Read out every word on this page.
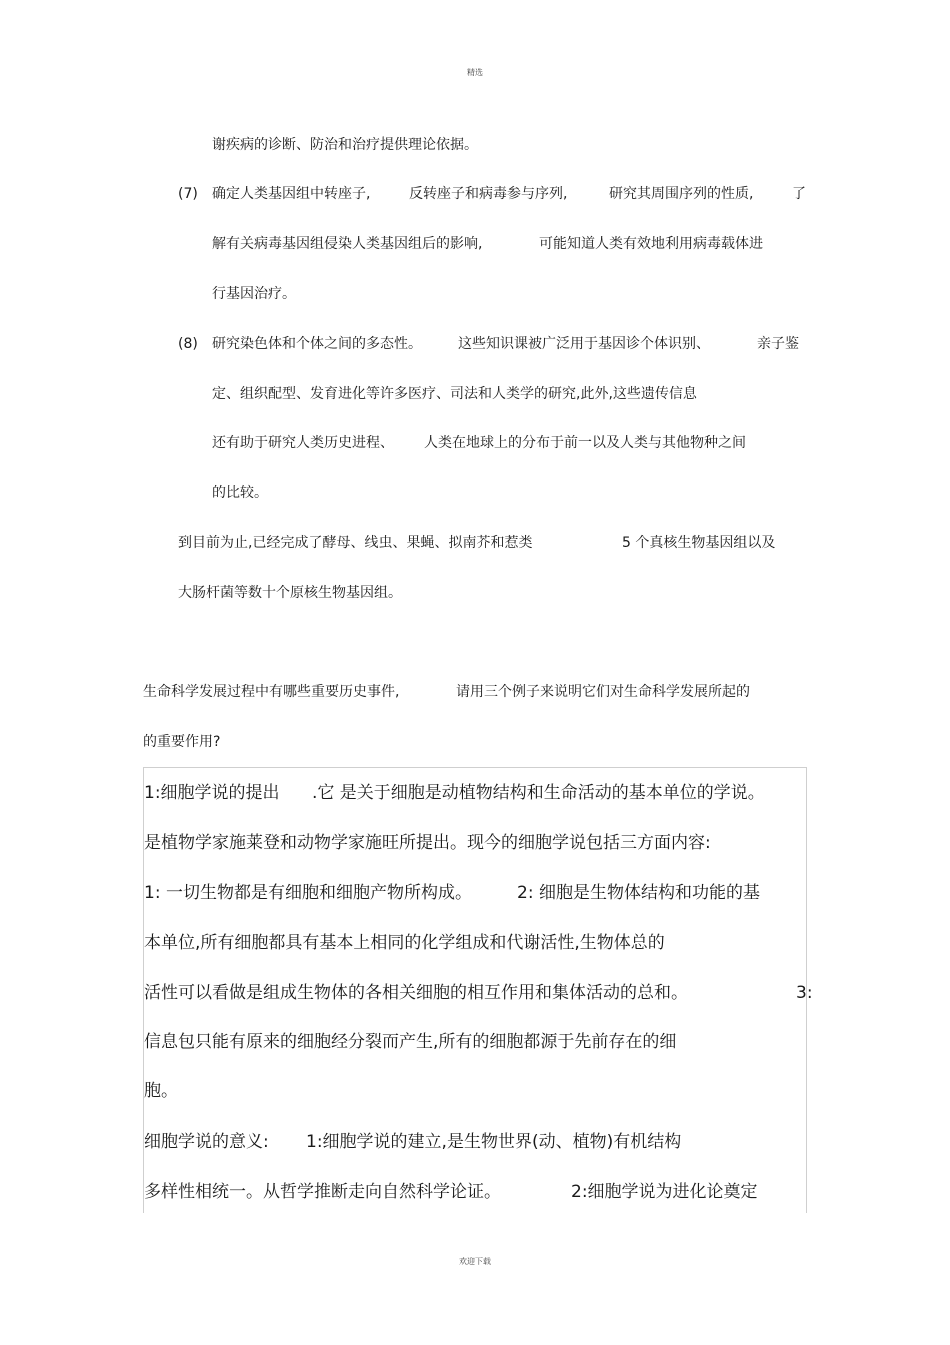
精选
谢疾病的诊断、防治和治疗提供理论依据。
(7) 确定人类基因组中转座子,	反转座子和病毒参与序列,	研究其周围序列的性质,	了
解有关病毒基因组侵染人类基因组后的影响,	可能知道人类有效地利用病毒载体进
行基因治疗。
(8) 研究染色体和个体之间的多态性。	这些知识课被广泛用于基因诊个体识别、	亲子鉴
定、组织配型、发育进化等许多医疗、司法和人类学的研究,此外,这些遗传信息
还有助于研究人类历史进程、 人类在地球上的分布于前一以及人类与其他物种之间
的比较。
到目前为止,已经完成了酵母、线虫、果蝇、拟南芥和惹类	5 个真核生物基因组以及
大肠杆菌等数十个原核生物基因组。
生命科学发展过程中有哪些重要历史事件,	请用三个例子来说明它们对生命科学发展所起的
的重要作用?
1:细胞学说的提出 .它 是关于细胞是动植物结构和生命活动的基本单位的学说。
是植物学家施莱登和动物学家施旺所提出。现今的细胞学说包括三方面内容:
1: 一切生物都是有细胞和细胞产物所构成。	2: 细胞是生物体结构和功能的基
本单位,所有细胞都具有基本上相同的化学组成和代谢活性,生物体总的
活性可以看做是组成生物体的各相关细胞的相互作用和集体活动的总和。	3:
信息包只能有原来的细胞经分裂而产生,所有的细胞都源于先前存在的细
胞。
细胞学说的意义: 1:细胞学说的建立,是生物世界(动、植物)有机结构
多样性相统一。从哲学推断走向自然科学论证。	2:细胞学说为进化论奠定
欢迎下载
